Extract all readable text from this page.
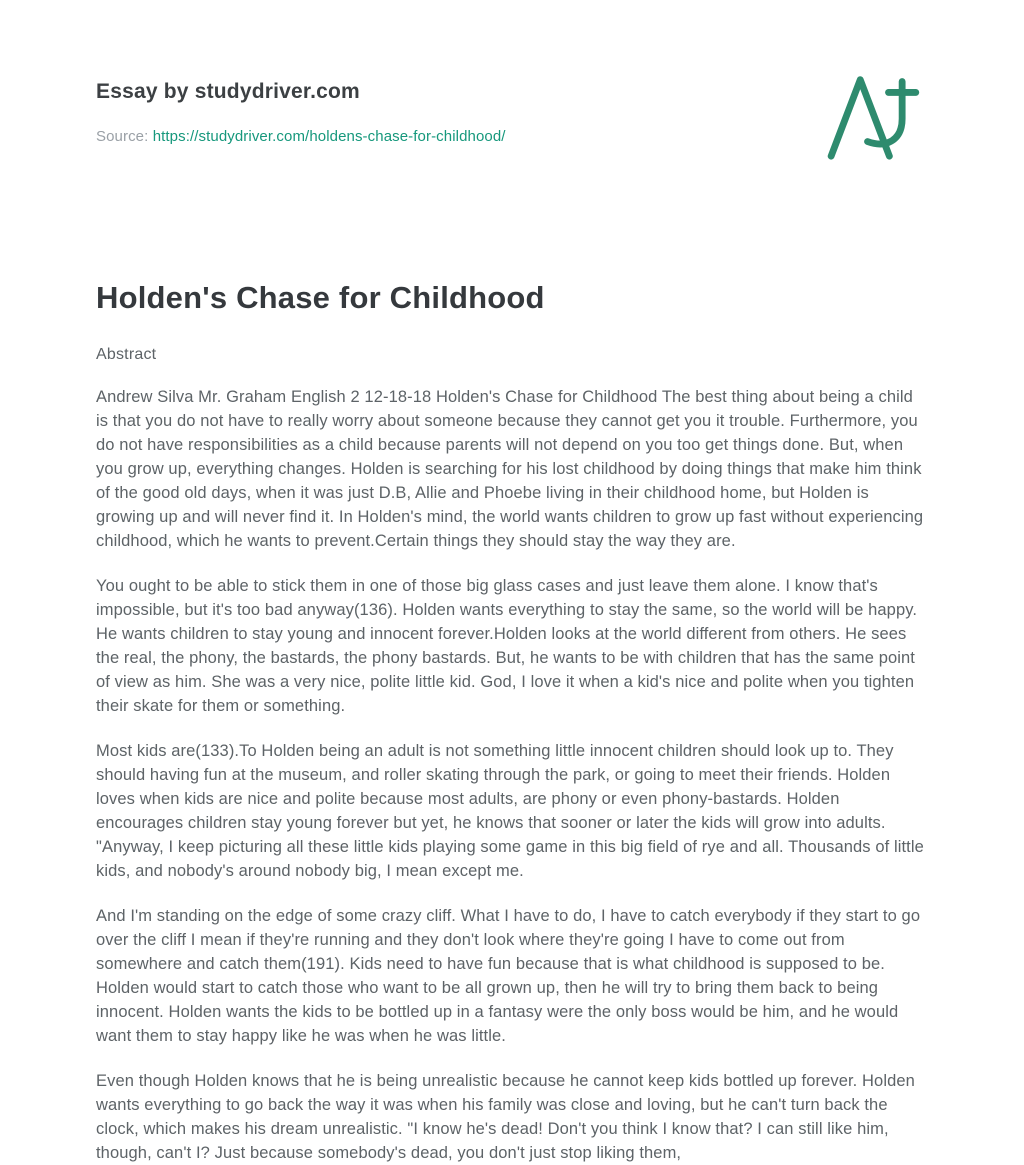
Essay by studydriver.com
Source: https://studydriver.com/holdens-chase-for-childhood/
Holden's Chase for Childhood
Abstract

Andrew Silva Mr. Graham English 2 12-18-18 Holden's Chase for Childhood The best thing about being a child is that you do not have to really worry about someone because they cannot get you it trouble. Furthermore, you do not have responsibilities as a child because parents will not depend on you too get things done. But, when you grow up, everything changes. Holden is searching for his lost childhood by doing things that make him think of the good old days, when it was just D.B, Allie and Phoebe living in their childhood home, but Holden is growing up and will never find it. In Holden's mind, the world wants children to grow up fast without experiencing childhood, which he wants to prevent.Certain things they should stay the way they are.

You ought to be able to stick them in one of those big glass cases and just leave them alone. I know that's impossible, but it's too bad anyway(136). Holden wants everything to stay the same, so the world will be happy. He wants children to stay young and innocent forever.Holden looks at the world different from others. He sees the real, the phony, the bastards, the phony bastards. But, he wants to be with children that has the same point of view as him. She was a very nice, polite little kid. God, I love it when a kid's nice and polite when you tighten their skate for them or something.

Most kids are(133).To Holden being an adult is not something little innocent children should look up to. They should having fun at the museum, and roller skating through the park, or going to meet their friends. Holden loves when kids are nice and polite because most adults, are phony or even phony-bastards. Holden encourages children stay young forever but yet, he knows that sooner or later the kids will grow into adults. "Anyway, I keep picturing all these little kids playing some game in this big field of rye and all. Thousands of little kids, and nobody's around nobody big, I mean except me.

And I'm standing on the edge of some crazy cliff. What I have to do, I have to catch everybody if they start to go over the cliff I mean if they're running and they don't look where they're going I have to come out from somewhere and catch them(191). Kids need to have fun because that is what childhood is supposed to be. Holden would start to catch those who want to be all grown up, then he will try to bring them back to being innocent. Holden wants the kids to be bottled up in a fantasy were the only boss would be him, and he would want them to stay happy like he was when he was little.

Even though Holden knows that he is being unrealistic because he cannot keep kids bottled up forever. Holden wants everything to go back the way it was when his family was close and loving, but he can't turn back the clock, which makes his dream unrealistic. "I know he's dead! Don't you think I know that? I can still like him, though, can't I? Just because somebody's dead, you don't just stop liking them,
